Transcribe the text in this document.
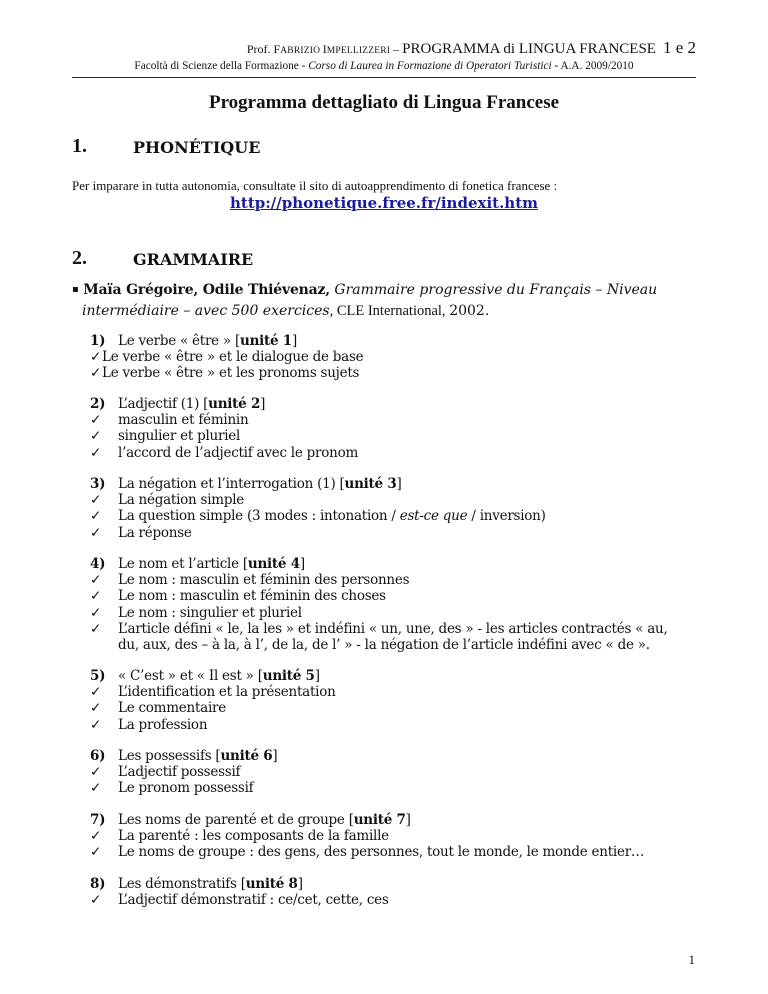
Prof. FABRIZIO IMPELLIZZERI – PROGRAMMA di LINGUA FRANCESE 1 e 2
Facoltà di Scienze della Formazione - Corso di Laurea in Formazione di Operatori Turistici - A.A. 2009/2010
Programma dettagliato di Lingua Francese
1.	PHONÉTIQUE
Per imparare in tutta autonomia, consultate il sito di autoapprendimento di fonetica francese :
http://phonetique.free.fr/indexit.htm
2.	GRAMMAIRE
▪ Maïa Grégoire, Odile Thiévenaz, Grammaire progressive du Français – Niveau
intermédiaire – avec 500 exercices, CLE International, 2002.
1) Le verbe « être » [unité 1]
✓Le verbe « être » et le dialogue de base
✓Le verbe « être » et les pronoms sujets
2) L’adjectif (1) [unité 2]
✓ masculin et féminin
✓ singulier et pluriel
✓ l’accord de l’adjectif avec le pronom
3) La négation et l’interrogation (1) [unité 3]
✓ La négation simple
✓ La question simple (3 modes : intonation / est-ce que / inversion)
✓ La réponse
4) Le nom et l’article [unité 4]
✓ Le nom : masculin et féminin des personnes
✓ Le nom : masculin et féminin des choses
✓ Le nom : singulier et pluriel
✓ L’article défini « le, la les » et indéfini « un, une, des » - les articles contractés « au,
du, aux, des – à la, à l’, de la, de l’ » - la négation de l’article indéfini avec « de ».
5) « C’est » et « Il est » [unité 5]
✓ L’identification et la présentation
✓ Le commentaire
✓ La profession
6) Les possessifs [unité 6]
✓ L’adjectif possessif
✓ Le pronom possessif
7) Les noms de parenté et de groupe [unité 7]
✓ La parenté : les composants de la famille
✓ Le noms de groupe : des gens, des personnes, tout le monde, le monde entier…
8) Les démonstratifs [unité 8]
✓ L’adjectif démonstratif : ce/cet, cette, ces
1
